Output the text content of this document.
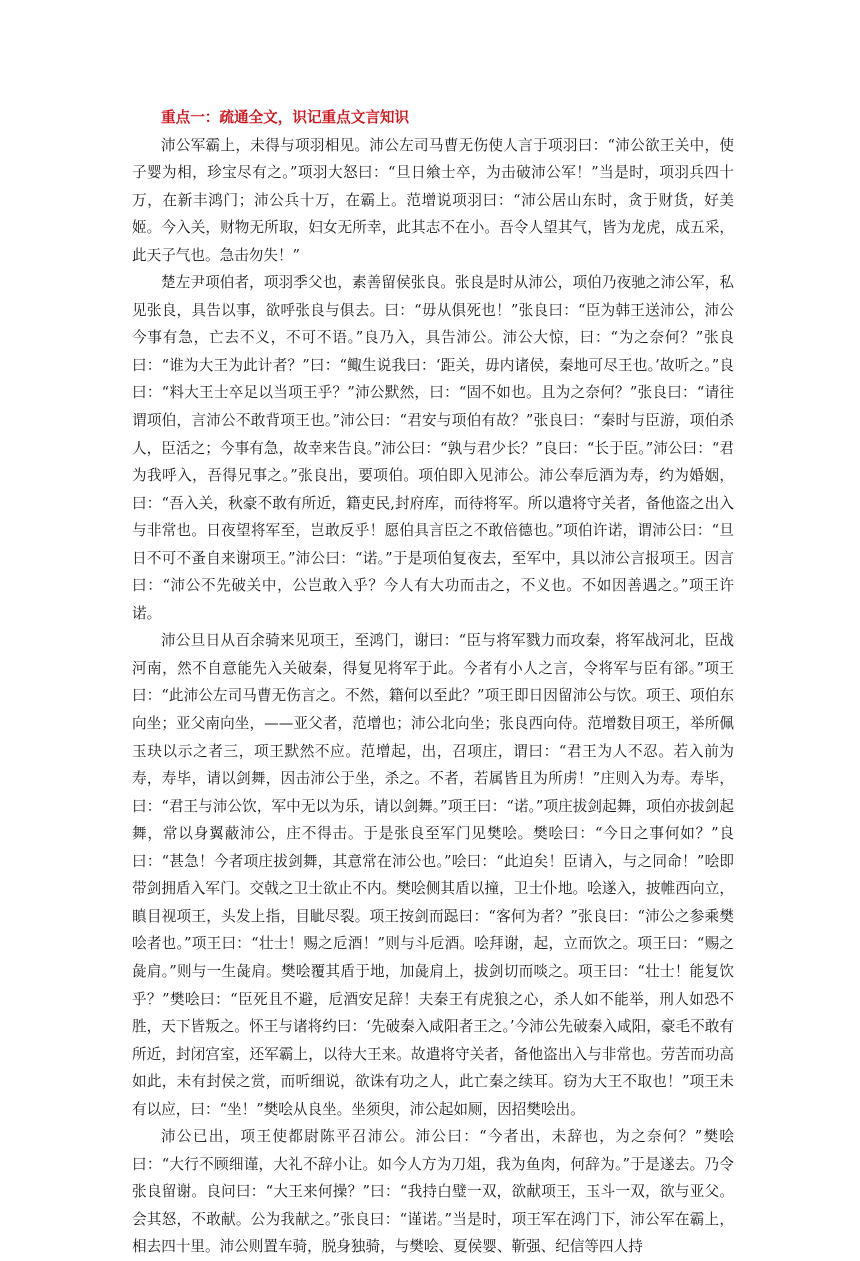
重点一：疏通全文，识记重点文言知识

沛公军霸上，未得与项羽相见。沛公左司马曹无伤使人言于项羽曰：“沛公欲王关中，使子婴为相，珍宝尽有之。”项羽大怒曰：“旦日飨士卒，为击破沛公军！”当是时，项羽兵四十万，在新丰鸿门；沛公兵十万，在霸上。范增说项羽曰：“沛公居山东时，贪于财货，好美姬。今入关，财物无所取，妇女无所幸，此其志不在小。吾令人望其气，皆为龙虎，成五采，此天子气也。急击勿失！”

楚左尹项伯者，项羽季父也，素善留侯张良。张良是时从沛公，项伯乃夜驰之沛公军，私见张良，具告以事，欲呼张良与俱去。曰：“毋从俱死也！”张良曰：“臣为韩王送沛公，沛公今事有急，亡去不义，不可不语。”良乃入，具告沛公。沛公大惊，曰：“为之奈何？”张良曰：“谁为大王为此计者？”曰：“鲰生说我曰：‘距关，毋内诸侯，秦地可尽王也。’故听之。”良曰：“料大王士卒足以当项王乎？”沛公默然，曰：“固不如也。且为之奈何？”张良曰：“请往谓项伯，言沛公不敢背项王也。”沛公曰：“君安与项伯有故？”张良曰：“秦时与臣游，项伯杀人，臣活之；今事有急，故幸来告良。”沛公曰：“孰与君少长？”良曰：“长于臣。”沛公曰：“君为我呼入，吾得兄事之。”张良出，要项伯。项伯即入见沛公。沛公奉卮酒为寿，约为婚姻，曰：“吾入关，秋豪不敢有所近，籍吏民,封府库，而待将军。所以遣将守关者，备他盗之出入与非常也。日夜望将军至，岂敢反乎！愿伯具言臣之不敢倍德也。”项伯许诺，谓沛公曰：“旦日不可不蚤自来谢项王。”沛公曰：“诺。”于是项伯复夜去，至军中，具以沛公言报项王。因言曰：“沛公不先破关中，公岂敢入乎？今人有大功而击之，不义也。不如因善遇之。”项王许诺。

沛公旦日从百余骑来见项王，至鸿门，谢曰：“臣与将军戮力而攻秦，将军战河北，臣战河南，然不自意能先入关破秦，得复见将军于此。今者有小人之言，令将军与臣有郤。”项王曰：“此沛公左司马曹无伤言之。不然，籍何以至此？”项王即日因留沛公与饮。项王、项伯东向坐；亚父南向坐，——亚父者，范增也；沛公北向坐；张良西向侍。范增数目项王，举所佩玉玦以示之者三，项王默然不应。范增起，出，召项庄，谓曰：“君王为人不忍。若入前为寿，寿毕，请以剑舞，因击沛公于坐，杀之。不者，若属皆且为所虏！”庄则入为寿。寿毕，曰：“君王与沛公饮，军中无以为乐，请以剑舞。”项王曰：“诺。”项庄拔剑起舞，项伯亦拔剑起舞，常以身翼蔽沛公，庄不得击。于是张良至军门见樊哙。樊哙曰：“今日之事何如？”良曰：“甚急！今者项庄拔剑舞，其意常在沛公也。”哙曰：“此迫矣！臣请入，与之同命！”哙即带剑拥盾入军门。交戟之卫士欲止不内。樊哙侧其盾以撞，卫士仆地。哙遂入，披帷西向立，瞋目视项王，头发上指，目眦尽裂。项王按剑而跽曰：“客何为者？”张良曰：“沛公之参乘樊哙者也。”项王曰：“壮士！赐之卮酒！”则与斗卮酒。哙拜谢，起，立而饮之。项王曰：“赐之彘肩。”则与一生彘肩。樊哙覆其盾于地，加彘肩上，拔剑切而啖之。项王曰：“壮士！能复饮乎？”樊哙曰：“臣死且不避，卮酒安足辞！夫秦王有虎狼之心，杀人如不能举，刑人如恐不胜，天下皆叛之。怀王与诸将约曰：‘先破秦入咸阳者王之。’今沛公先破秦入咸阳，豪毛不敢有所近，封闭宫室，还军霸上，以待大王来。故遣将守关者，备他盗出入与非常也。劳苦而功高如此，未有封侯之赏，而听细说，欲诛有功之人，此亡秦之续耳。窃为大王不取也！”项王未有以应，曰：“坐！”樊哙从良坐。坐须臾，沛公起如厕，因招樊哙出。

沛公已出，项王使都尉陈平召沛公。沛公曰：“今者出，未辞也，为之奈何？”樊哙曰：“大行不顾细谨，大礼不辞小让。如今人方为刀俎，我为鱼肉，何辞为。”于是遂去。乃令张良留谢。良问曰：“大王来何操？”曰：“我持白璧一双，欲献项王，玉斗一双，欲与亚父。会其怒，不敢献。公为我献之。”张良曰：“谨诺。”当是时，项王军在鸿门下，沛公军在霸上，相去四十里。沛公则置车骑，脱身独骑，与樊哙、夏侯婴、靳强、纪信等四人持
